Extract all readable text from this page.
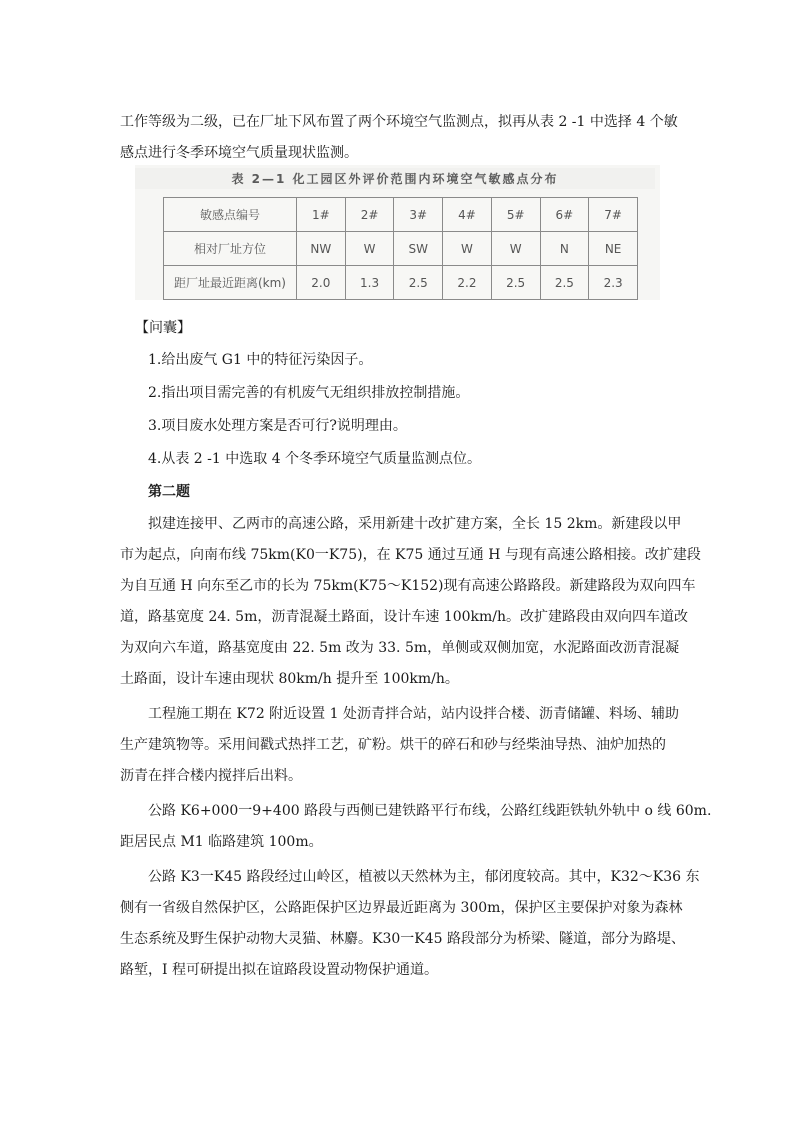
工作等级为二级，已在厂址下风布置了两个环境空气监测点，拟再从表 2 -1 中选择 4 个敏
感点进行冬季环境空气质量现状监测。
表 2—1 化工园区外评价范围内环境空气敏感点分布
敏感点编号	1#	2#	3#	4#	5#	6#	7#
相对厂址方位	NW	W	SW	W	W	N	NE
距厂址最近距离(km)	2.0	1.3	2.5	2.2	2.5	2.5	2.3
【问囊】
1.给出废气 G1 中的特征污染因子。
2.指出项目需完善的有机废气无组织排放控制措施。
3.项目废水处理方案是否可行?说明理由。
4.从表 2 -1 中选取 4 个冬季环境空气质量监测点位。
第二题
拟建连接甲、乙两市的高速公路，采用新建十改扩建方案，全长 15 2km。新建段以甲
市为起点，向南布线 75km(K0一K75)，在 K75 通过互通 H 与现有高速公路相接。改扩建段
为自互通 H 向东至乙市的长为 75km(K75～K152)现有高速公路路段。新建路段为双向四车
道，路基宽度 24. 5m，沥青混凝土路面，设计车速 100km/h。改扩建路段由双向四车道改
为双向六车道，路基宽度由 22. 5m 改为 33. 5m，单侧或双侧加宽，水泥路面改沥青混凝
土路面，设计车速由现状 80km/h 提升至 100km/h。
工程施工期在 K72 附近设置 1 处沥青拌合站，站内设拌合楼、沥青储罐、料场、辅助
生产建筑物等。采用间戳式热拌工艺，矿粉。烘干的碎石和砂与经柴油导热、油炉加热的
沥青在拌合楼内搅拌后出料。
公路 K6+000一9+400 路段与西侧已建铁路平行布线，公路红线距铁轨外轨中 o 线 60m.
距居民点 M1 临路建筑 100m。
公路 K3一K45 路段经过山岭区，植被以天然林为主，郁闭度较高。其中，K32～K36 东
侧有一省级自然保护区，公路距保护区边界最近距离为 300m，保护区主要保护对象为森林
生态系统及野生保护动物大灵猫、林麝。K30一K45 路段部分为桥梁、隧道，部分为路堤、
路堑，I 程可研提出拟在谊路段设置动物保护通道。
